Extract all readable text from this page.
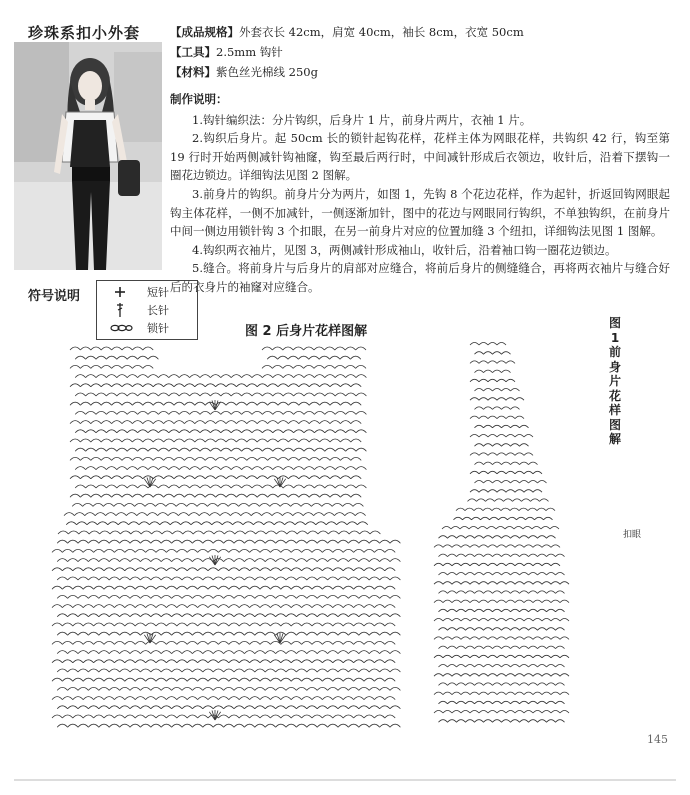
珍珠系扣小外套	【成品规格】外套衣长 42cm，肩宽 40cm，袖长 8cm，衣宽 50cm
【工具】2.5mm 钩针
【材料】紫色丝光棉线 250g
制作说明：
1.钩针编织法：分片钩织，后身片 1 片，前身片两片，衣袖 1 片。
2.钩织后身片。起 50cm 长的锁针起钩花样，花样主体为网眼花样，共钩织 42 行，钩至第 19 行时开始两侧减针钩袖窿，钩至最后两行时，中间减针形成后衣领边，收针后，沿着下摆钩一圈花边锁边。详细钩法见图 2 图解。
3.前身片的钩织。前身片分为两片，如图 1，先钩 8 个花边花样，作为起针，折返回钩网眼起钩主体花样，一侧不加减针，一侧逐渐加针，图中的花边与网眼同行钩织，不单独钩织，在前身片中间一侧边用锁针钩 3 个扣眼，在另一前身片对应的位置加缝 3 个纽扣，详细钩法见图 1 图解。
4.钩织两衣袖片，见图 3，两侧减针形成袖山，收针后，沿着袖口钩一圈花边锁边。
5.缝合。将前身片与后身片的肩部对应缝合，将前后身片的侧缝缝合，再将两衣袖片与缝合好后的衣身片的袖窿对应缝合。
符号说明	短针
长针
锁针	图 2 后身片花样图解
图1前身片花样图解
扣眼
145
